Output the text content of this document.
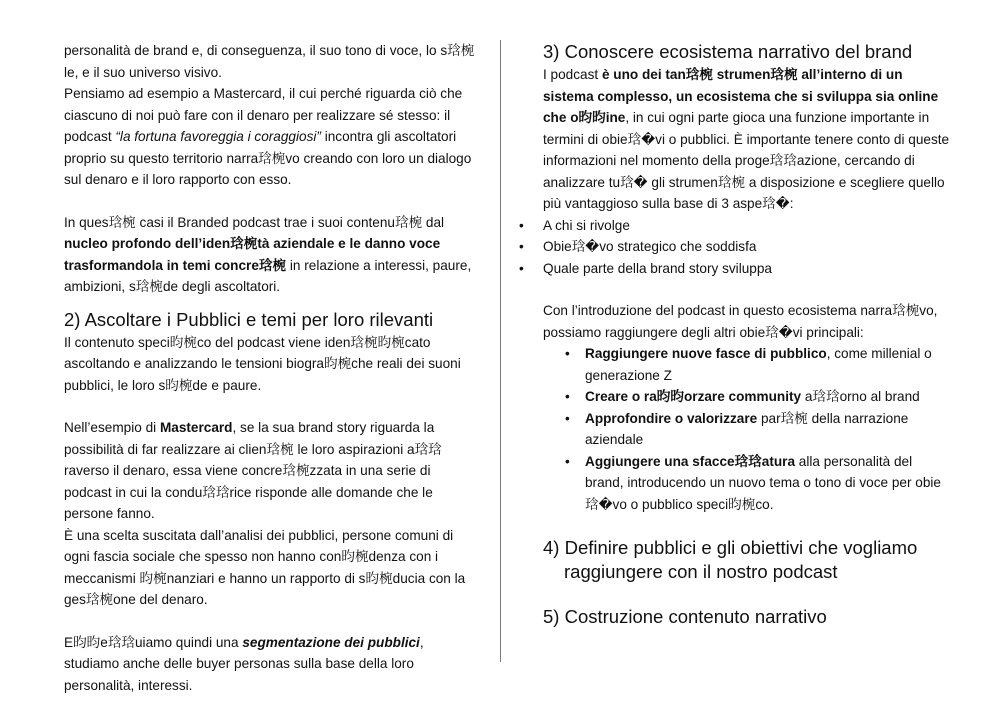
personalità de brand e, di conseguenza, il suo tono di voce, lo s琀椀le, e il suo universo visivo.
Pensiamo ad esempio a Mastercard, il cui perché riguarda ciò che ciascuno di noi può fare con il denaro per realizzare sé stesso: il podcast “la fortuna favoreggia i coraggiosi” incontra gli ascoltatori proprio su questo territorio narra琀椀vo creando con loro un dialogo sul denaro e il loro rapporto con esso.

In ques琀椀 casi il Branded podcast trae i suoi contenu琀椀 dal nucleo profondo dell’iden琀椀tà aziendale e le danno voce trasformandola in temi concre琀椀 in relazione a interessi, paure, ambizioni, s琀椀de degli ascoltatori.

2) Ascoltare i Pubblici e temi per loro rilevanti

Il contenuto speci昀椀co del podcast viene iden琀椀昀椀cato ascoltando e analizzando le tensioni biogra昀椀che reali dei suoni pubblici, le loro s昀椀de e paure.

Nell’esempio di Mastercard, se la sua brand story riguarda la possibilità di far realizzare ai clien琀椀 le loro aspirazioni a琀琀raverso il denaro, essa viene concre琀椀zzata in una serie di podcast in cui la condu琀琀rice risponde alle domande che le persone fanno.

È una scelta suscitata dall’analisi dei pubblici, persone comuni di ogni fascia sociale che spesso non hanno con昀椀denza con i meccanismi 昀椀nanziari e hanno un rapporto di s昀椀ducia con la ges琀椀one del denaro.

E昀昀e琀琀uiamo quindi una segmentazione dei pubblici, studiamo anche delle buyer personas sulla base della loro personalità, interessi.

3) Conoscere ecosistema narrativo del brand

I podcast è uno dei tan琀椀 strumen琀椀 all’interno di un sistema complesso, un ecosistema che si sviluppa sia online che o昀昀ine, in cui ogni parte gioca una funzione importante in termini di obie琀�vi o pubblici. È importante tenere conto di queste informazioni nel momento della proge琀琀azione, cercando di analizzare tu琀� gli strumen琀椀 a disposizione e scegliere quello più vantaggioso sulla base di 3 aspe琀�:

• A chi si rivolge
• Obie琀�vo strategico che soddisfa
• Quale parte della brand story sviluppa

Con l’introduzione del podcast in questo ecosistema narra琀椀vo, possiamo raggiungere degli altri obie琀�vi principali:

• Raggiungere nuove fasce di pubblico, come millenial o generazione Z
• Creare o ra昀昀orzare community a琀琀orno al brand
• Approfondire o valorizzare par琀椀 della narrazione aziendale
• Aggiungere una sfacce琀琀atura alla personalità del brand, introducendo un nuovo tema o tono di voce per obie琀�vo o pubblico speci昀椀co.
4) Definire pubblici e gli obiettivi che vogliamo raggiungere con il nostro podcast
5) Costruzione contenuto narrativo
